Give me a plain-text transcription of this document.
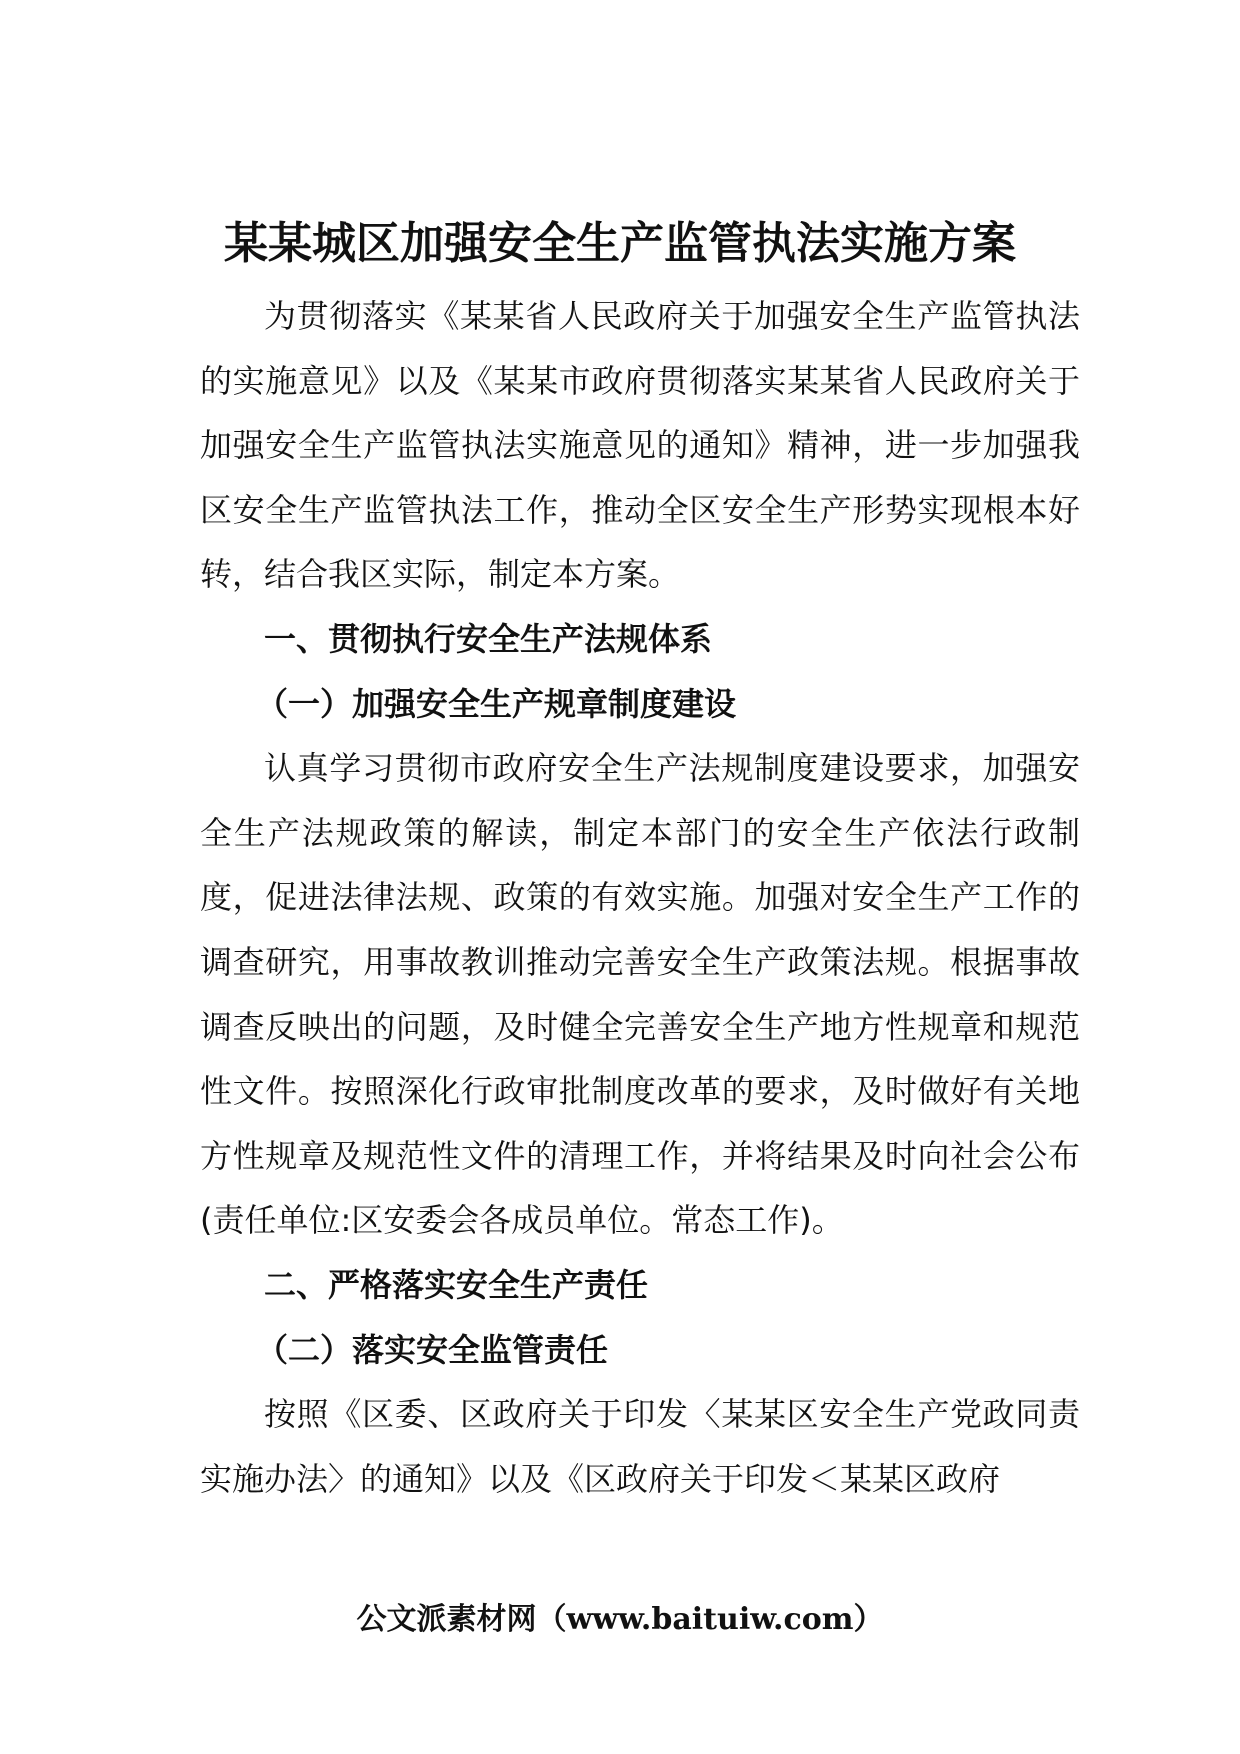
某某城区加强安全生产监管执法实施方案

为贯彻落实《某某省人民政府关于加强安全生产监管执法的实施意见》以及《某某市政府贯彻落实某某省人民政府关于加强安全生产监管执法实施意见的通知》精神，进一步加强我区安全生产监管执法工作，推动全区安全生产形势实现根本好转，结合我区实际，制定本方案。

一、贯彻执行安全生产法规体系

（一）加强安全生产规章制度建设

认真学习贯彻市政府安全生产法规制度建设要求，加强安全生产法规政策的解读，制定本部门的安全生产依法行政制度，促进法律法规、政策的有效实施。加强对安全生产工作的调查研究，用事故教训推动完善安全生产政策法规。根据事故调查反映出的问题，及时健全完善安全生产地方性规章和规范性文件。按照深化行政审批制度改革的要求，及时做好有关地方性规章及规范性文件的清理工作，并将结果及时向社会公布(责任单位:区安委会各成员单位。常态工作)。

二、严格落实安全生产责任

（二）落实安全监管责任

按照《区委、区政府关于印发〈某某区安全生产党政同责实施办法〉的通知》以及《区政府关于印发＜某某区政府

公文派素材网（www.baituiw.com）
